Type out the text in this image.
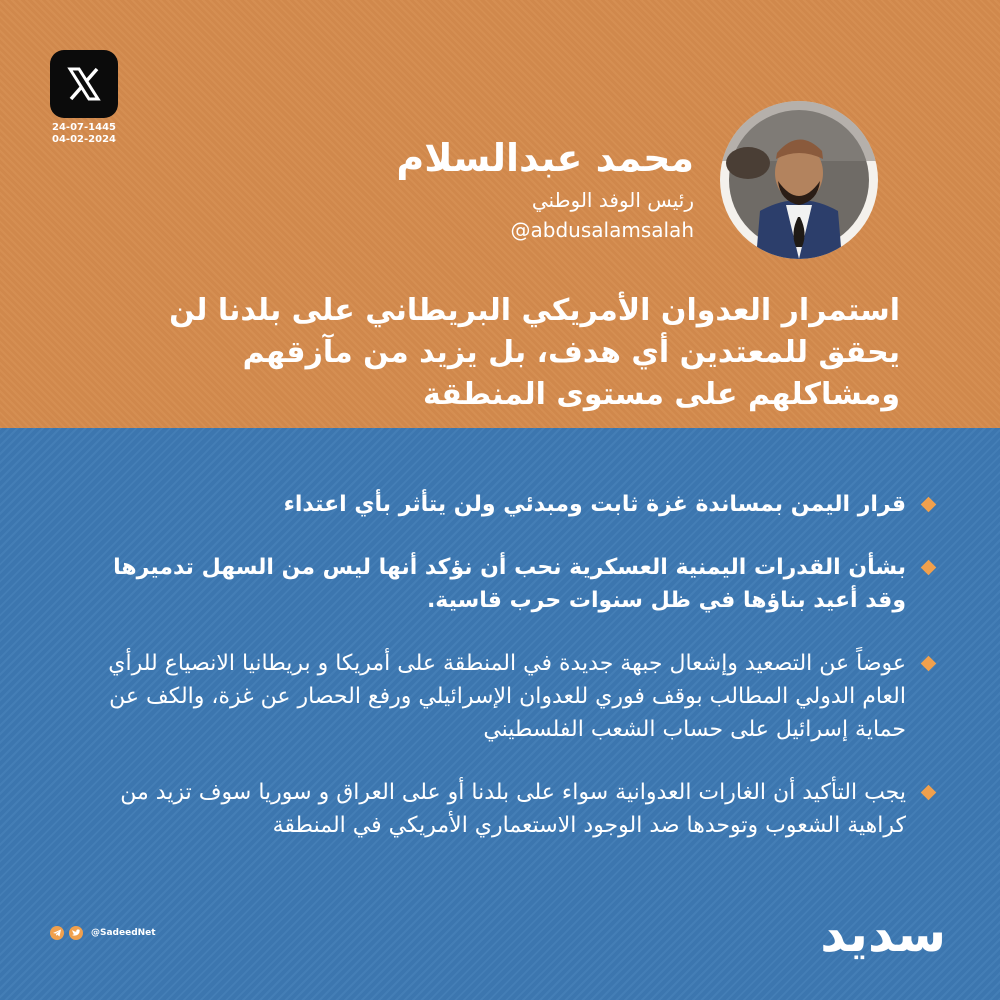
24-07-1445
04-02-2024	محمد عبدالسلام
رئيس الوفد الوطني
@abdusalamsalah
استمرار العدوان الأمريكي البريطاني على بلدنا لن يحقق للمعتدين أي هدف، بل يزيد من مآزقهم ومشاكلهم على مستوى المنطقة
قرار اليمن بمساندة غزة ثابت ومبدئي ولن يتأثر بأي اعتداء
بشأن القدرات اليمنية العسكرية نحب أن نؤكد أنها ليس من السهل تدميرها وقد أعيد بناؤها في ظل سنوات حرب قاسية.
عوضاً عن التصعيد وإشعال جبهة جديدة في المنطقة على أمريكا و بريطانيا الانصياع للرأي العام الدولي المطالب بوقف فوري للعدوان الإسرائيلي ورفع الحصار عن غزة، والكف عن حماية إسرائيل على حساب الشعب الفلسطيني
يجب التأكيد أن الغارات العدوانية سواء على بلدنا أو على العراق و سوريا سوف تزيد من كراهية الشعوب وتوحدها ضد الوجود الاستعماري الأمريكي في المنطقة
@SadeedNet	سديد
